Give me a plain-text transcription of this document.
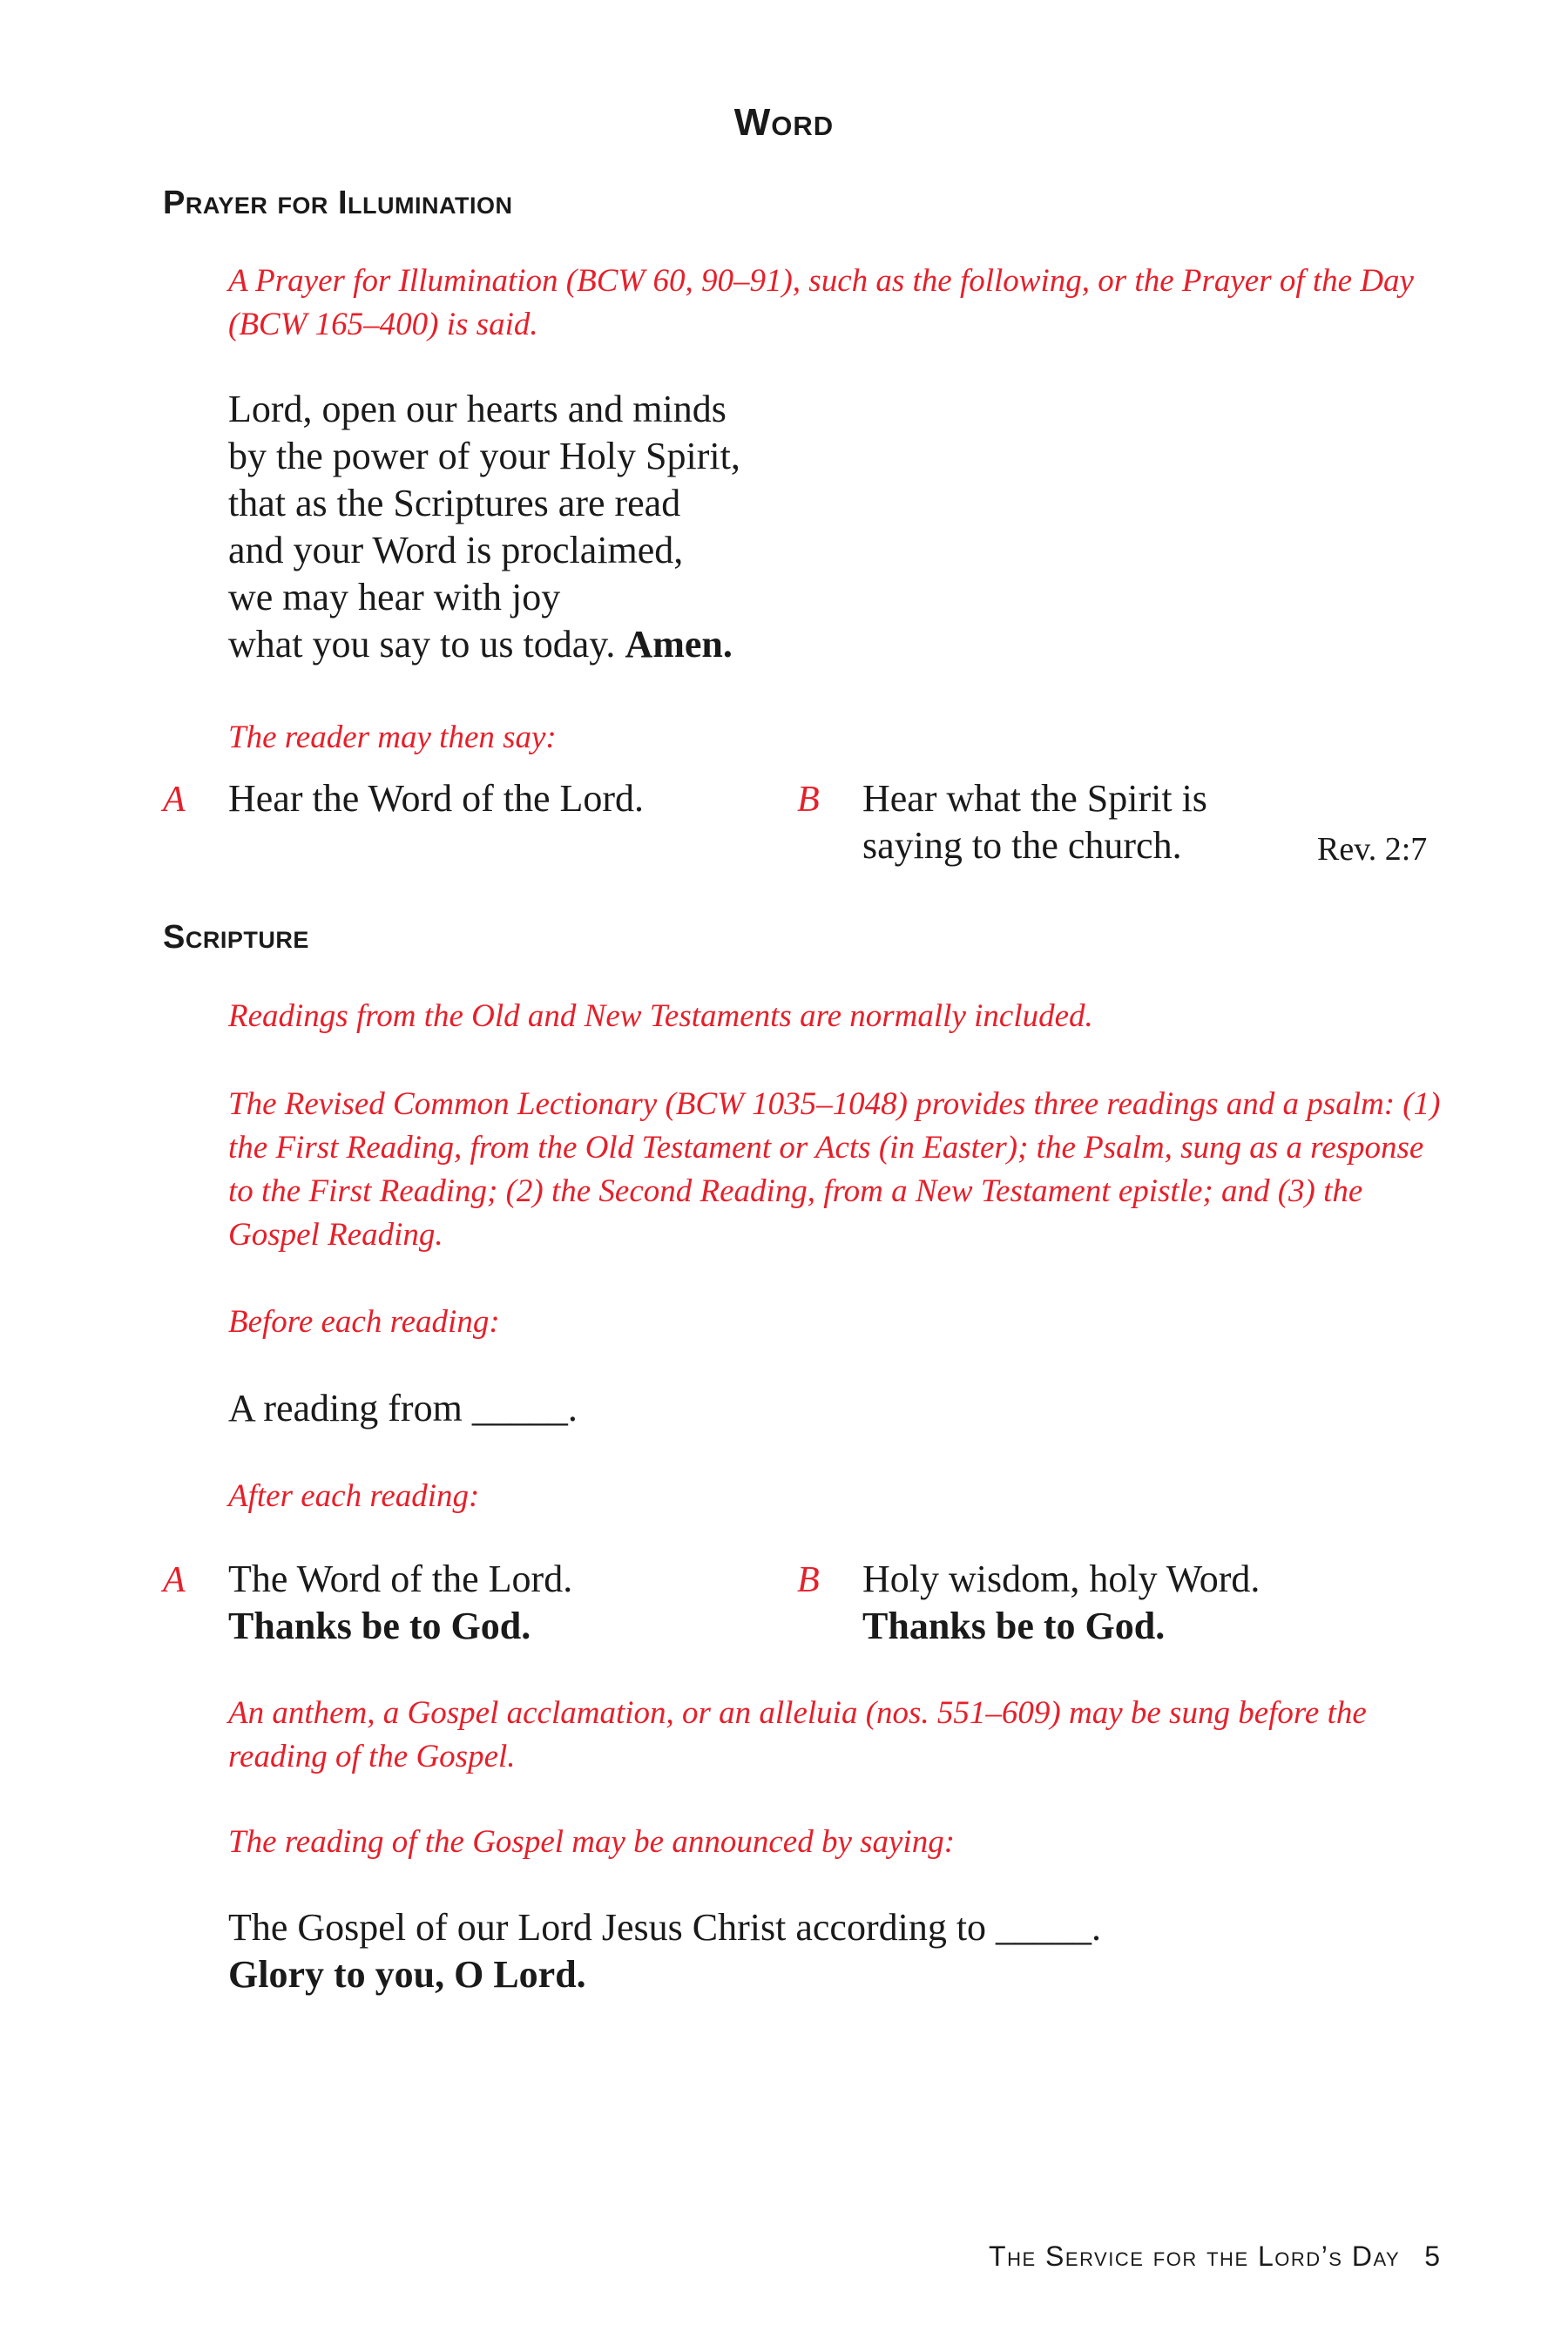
Word
Prayer for Illumination
A Prayer for Illumination (BCW 60, 90–91), such as the following, or the Prayer of the Day (BCW 165–400) is said.
Lord, open our hearts and minds
by the power of your Holy Spirit,
that as the Scriptures are read
and your Word is proclaimed,
we may hear with joy
what you say to us today. Amen.
The reader may then say:
A Hear the Word of the Lord.	B Hear what the Spirit is
saying to the church.	Rev. 2:7
Scripture
Readings from the Old and New Testaments are normally included.
The Revised Common Lectionary (BCW 1035–1048) provides three readings and a psalm: (1) the First Reading, from the Old Testament or Acts (in Easter); the Psalm, sung as a response to the First Reading; (2) the Second Reading, from a New Testament epistle; and (3) the Gospel Reading.
Before each reading:
A reading from _____.
After each reading:
A The Word of the Lord.
Thanks be to God.
B Holy wisdom, holy Word.
Thanks be to God.
An anthem, a Gospel acclamation, or an alleluia (nos. 551–609) may be sung before the reading of the Gospel.
The reading of the Gospel may be announced by saying:
The Gospel of our Lord Jesus Christ according to _____.
Glory to you, O Lord.
The Service for the Lord’s Day 5
